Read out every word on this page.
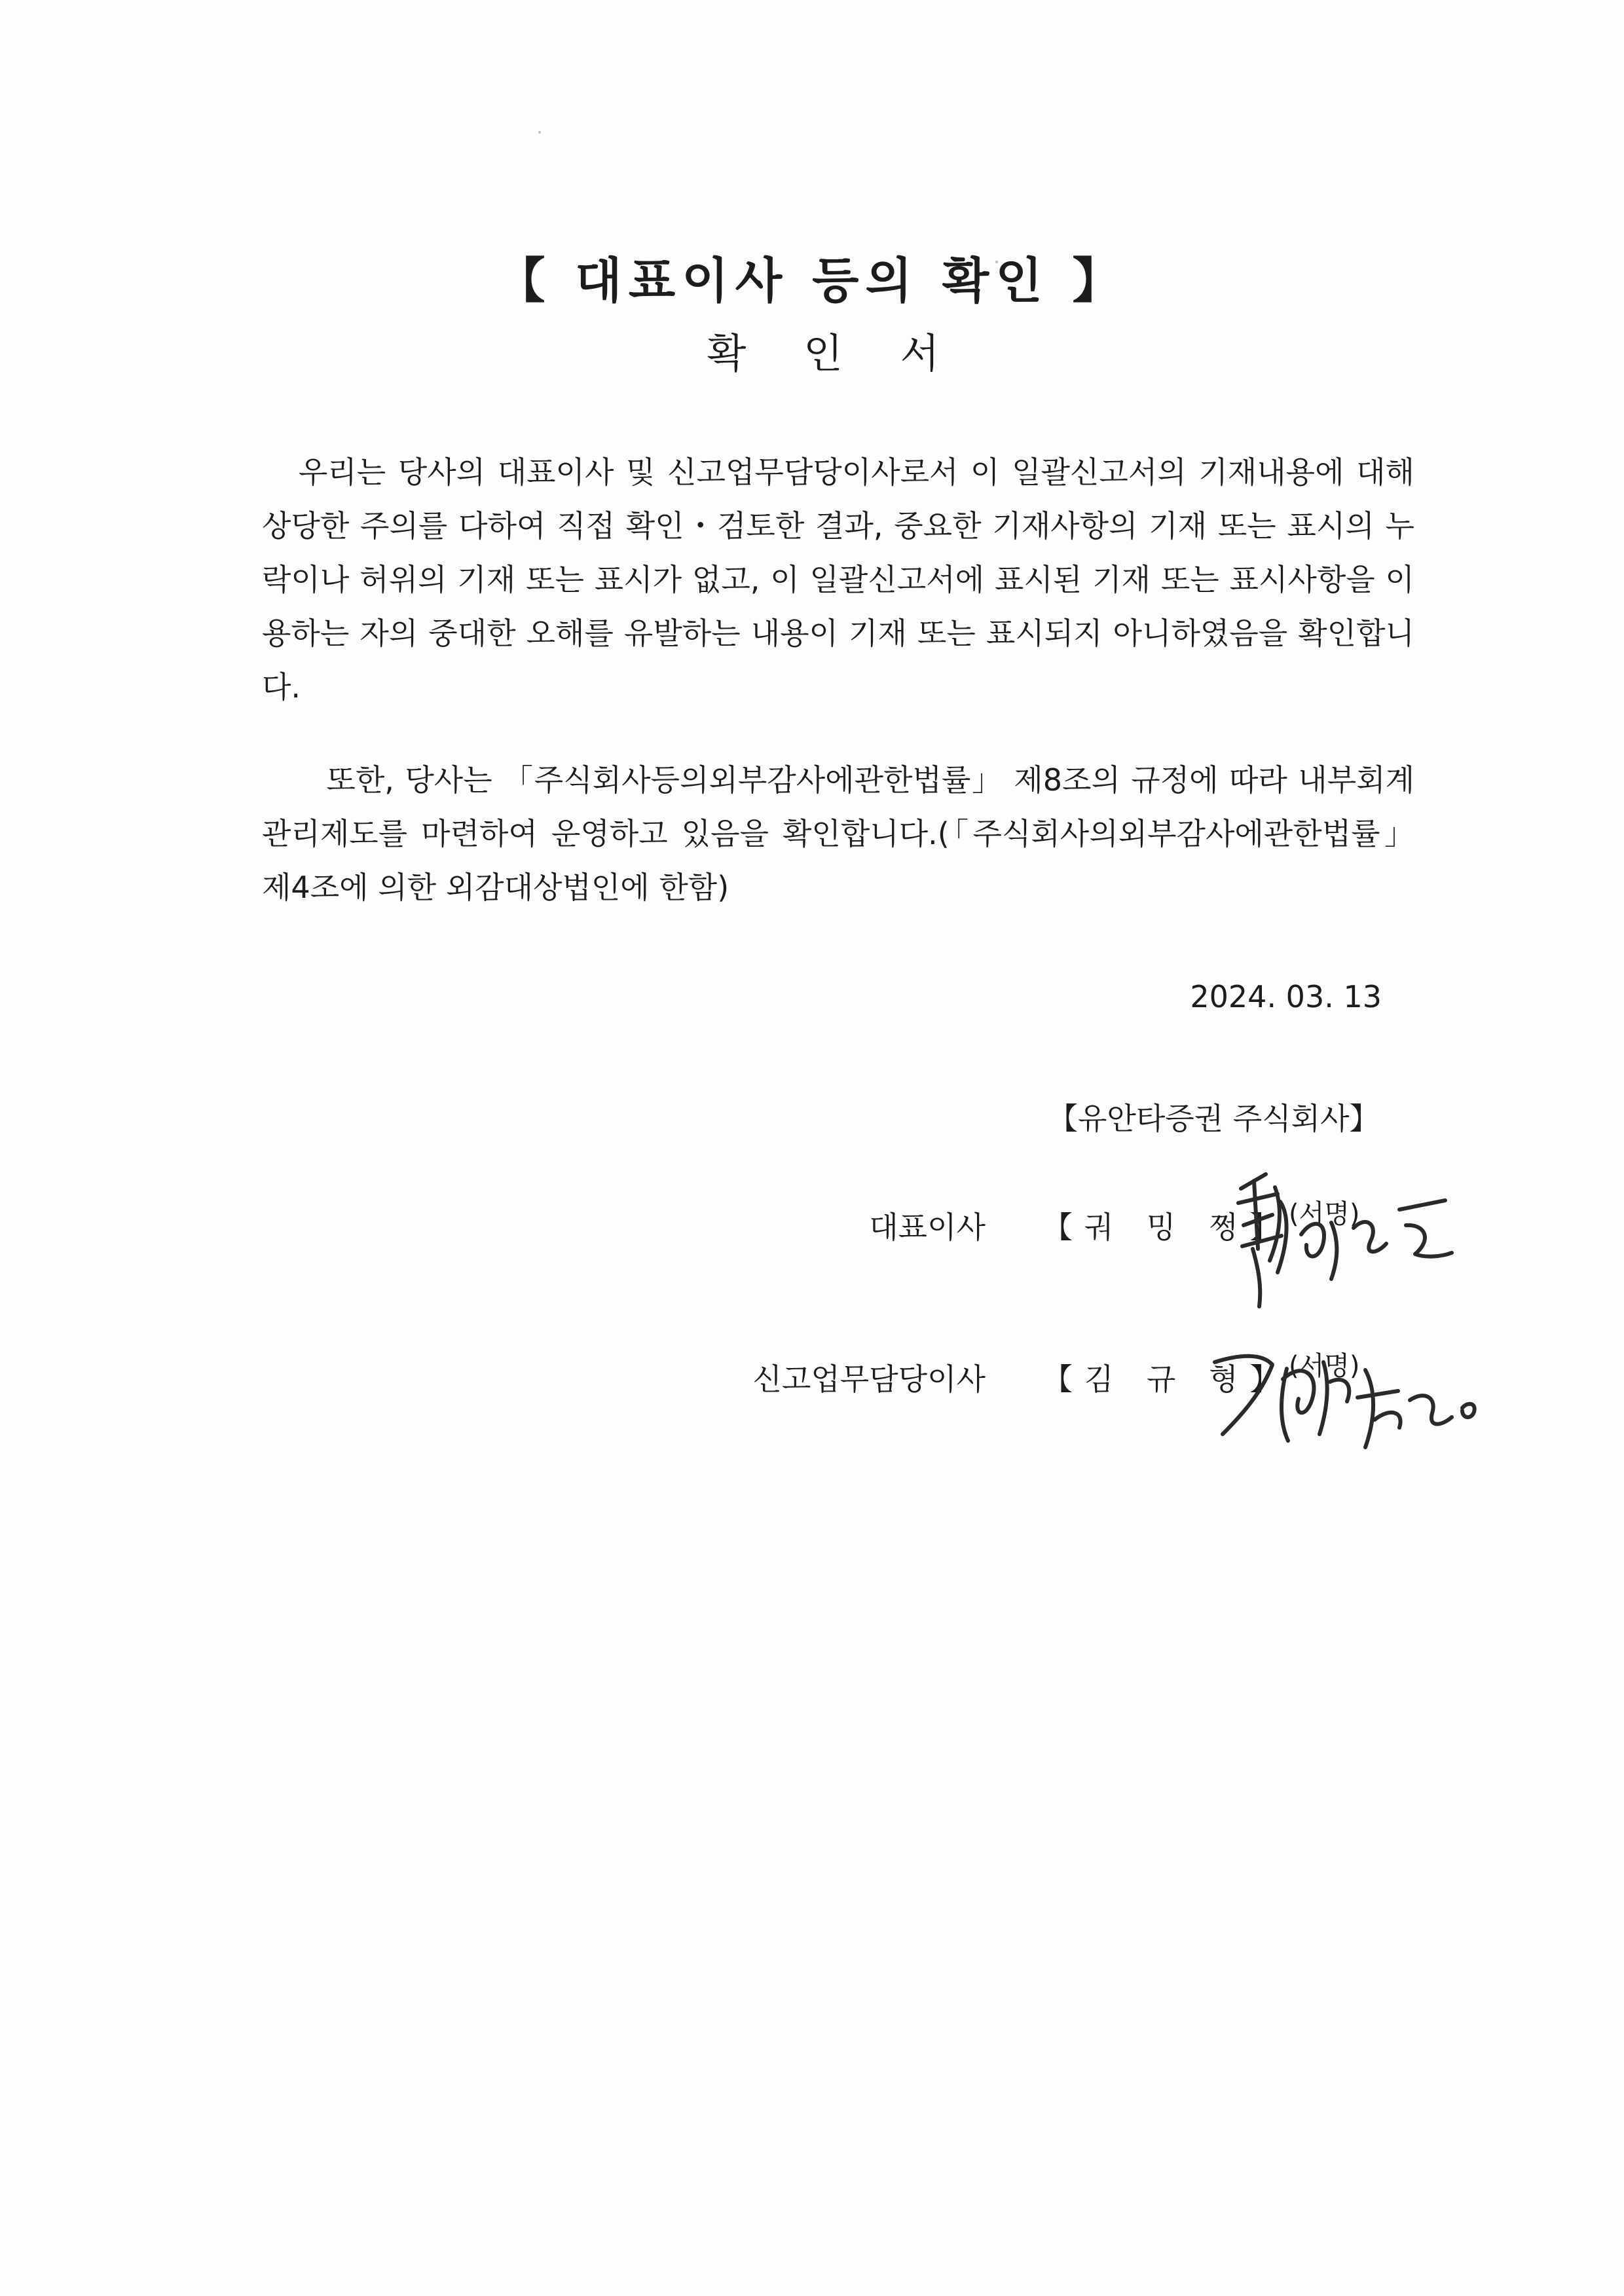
【 대표이사 등의 확인 】
확 인 서

우리는 당사의 대표이사 및 신고업무담당이사로서 이 일괄신고서의 기재내용에 대해 상당한 주의를 다하여 직접 확인・검토한 결과, 중요한 기재사항의 기재 또는 표시의 누락이나 허위의 기재 또는 표시가 없고, 이 일괄신고서에 표시된 기재 또는 표시사항을 이용하는 자의 중대한 오해를 유발하는 내용이 기재 또는 표시되지 아니하였음을 확인합니다.

또한, 당사는 「주식회사등의외부감사에관한법률」 제8조의 규정에 따라 내부회계관리제도를 마련하여 운영하고 있음을 확인합니다.(「주식회사의외부감사에관한법률」 제4조에 의한 외감대상법인에 한함)

2024. 03. 13
【유안타증권 주식회사】
대표이사 【궈 밍 쩡】
(서명)
신고업무담당이사 【김 규 형】
(서명)
